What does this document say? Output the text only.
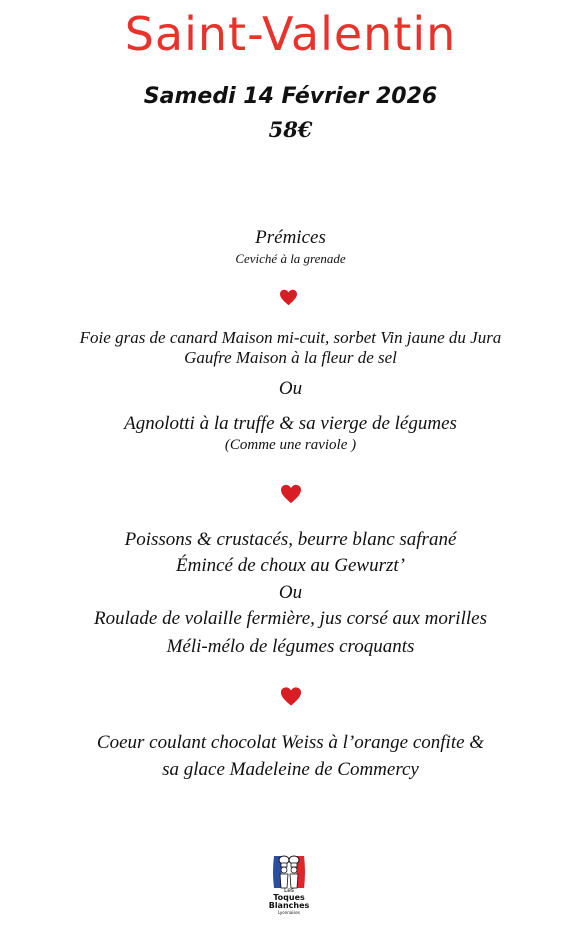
Saint-Valentin
Samedi 14 Février 2026
58€
Prémices
Ceviché à la grenade
Foie gras de canard Maison mi-cuit, sorbet Vin jaune du Jura
Gaufre Maison à la fleur de sel
Ou
Agnolotti à la truffe & sa vierge de légumes
(Comme une raviole )
Poissons & crustacés, beurre blanc safrané
Émincé de choux au Gewurzt’
Ou
Roulade de volaille fermière, jus corsé aux morilles
Méli-mélo de légumes croquants
Coeur coulant chocolat Weiss à l’orange confite &
sa glace Madeleine de Commercy
Les
Toques
Blanches
Lyonnaises
